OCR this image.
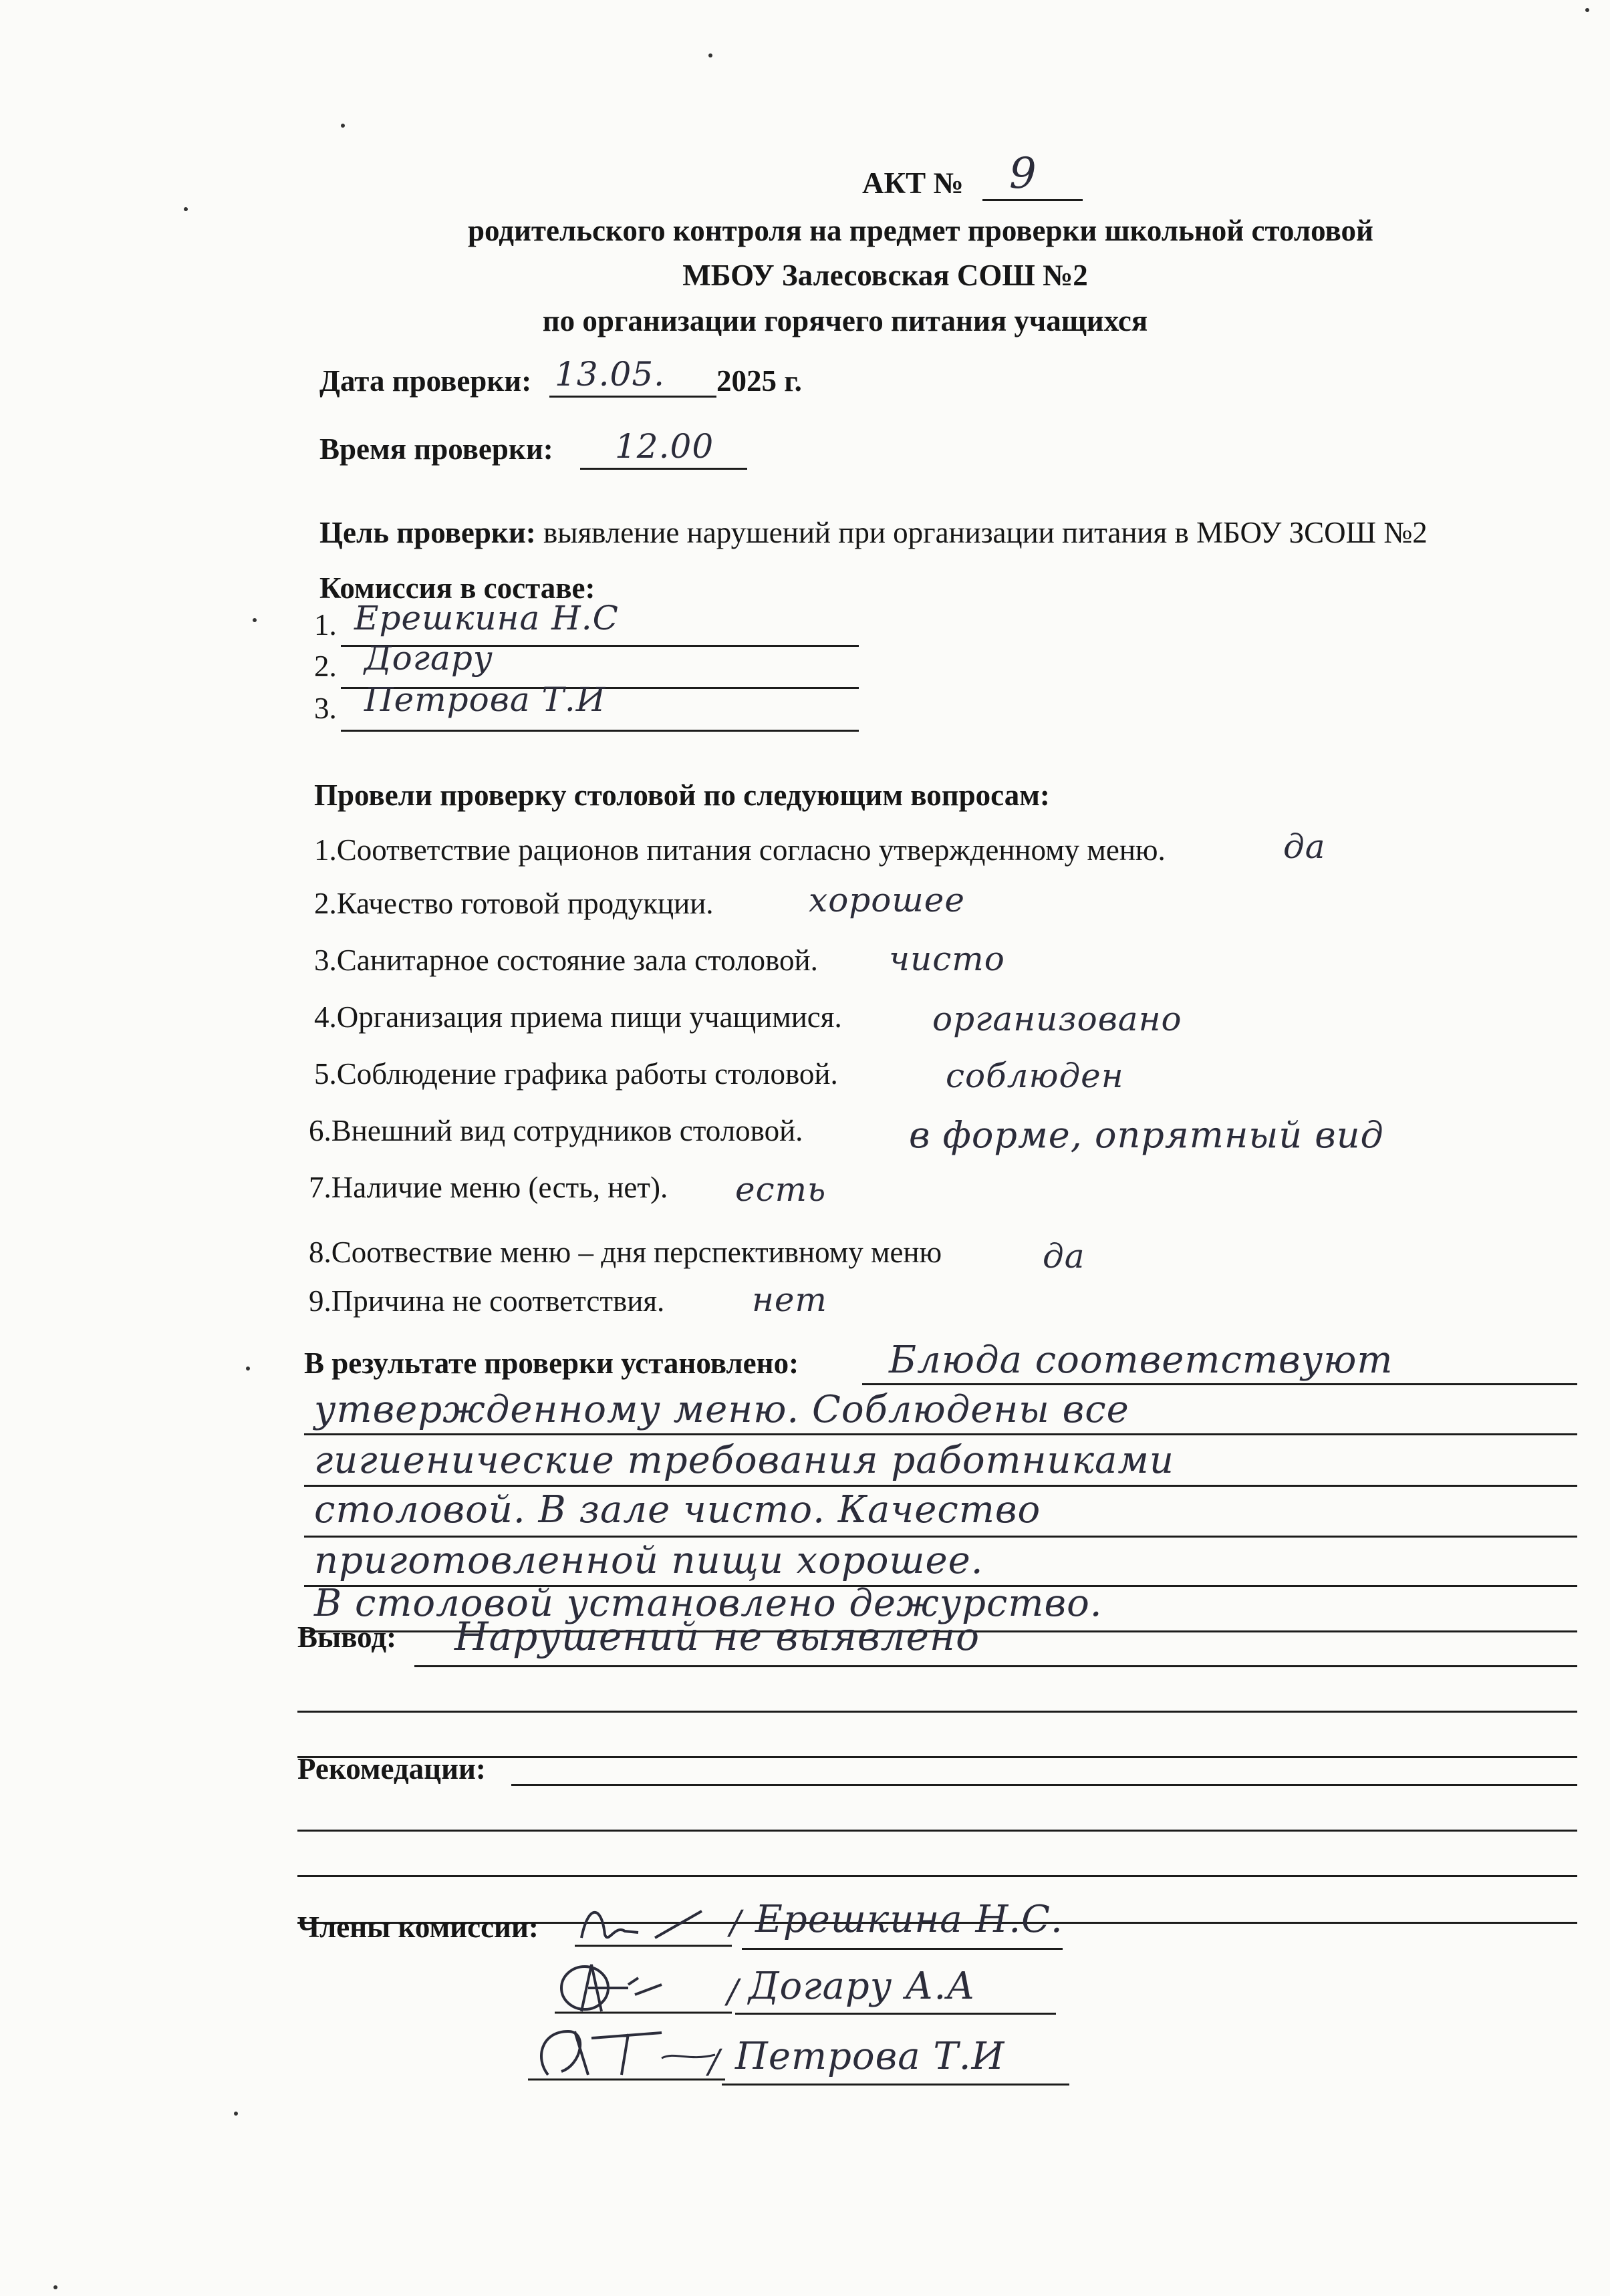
АКТ № 9
родительского контроля на предмет проверки школьной столовой
МБОУ Залесовская СОШ №2
по организации горячего питания учащихся
Дата проверки: 13.05. 2025 г.
Время проверки: 12.00
Цель проверки: выявление нарушений при организации питания в МБОУ ЗСОШ №2
Комиссия в составе:
1. Ерешкина Н.С
2. Догару
3. Петрова Т.И
Провели проверку столовой по следующим вопросам:
1.Соответствие рационов питания согласно утвержденному меню.	да
2.Качество готовой продукции.	хорошее
3.Санитарное состояние зала столовой. чисто
4.Организация приема пищи учащимися.	организовано
5.Соблюдение графика работы столовой.	соблюден
6.Внешний вид сотрудников столовой.	в форме, опрятный вид
7.Наличие меню (есть, нет). есть
8.Соотвествие меню – дня перспективному меню	да
9.Причина не соответствия.	нет
В результате проверки установлено: Блюда соответствуют
утвержденному меню. Соблюдены все
гигиенические требования работниками
столовой. В зале чисто. Качество
приготовленной пищи хорошее.
В столовой установлено дежурство.
Вывод: Нарушений не выявлено
Рекомедации:
Члены комиссии:	/ Ерешкина Н.С.
/ Догару А.А
/ Петрова Т.И
